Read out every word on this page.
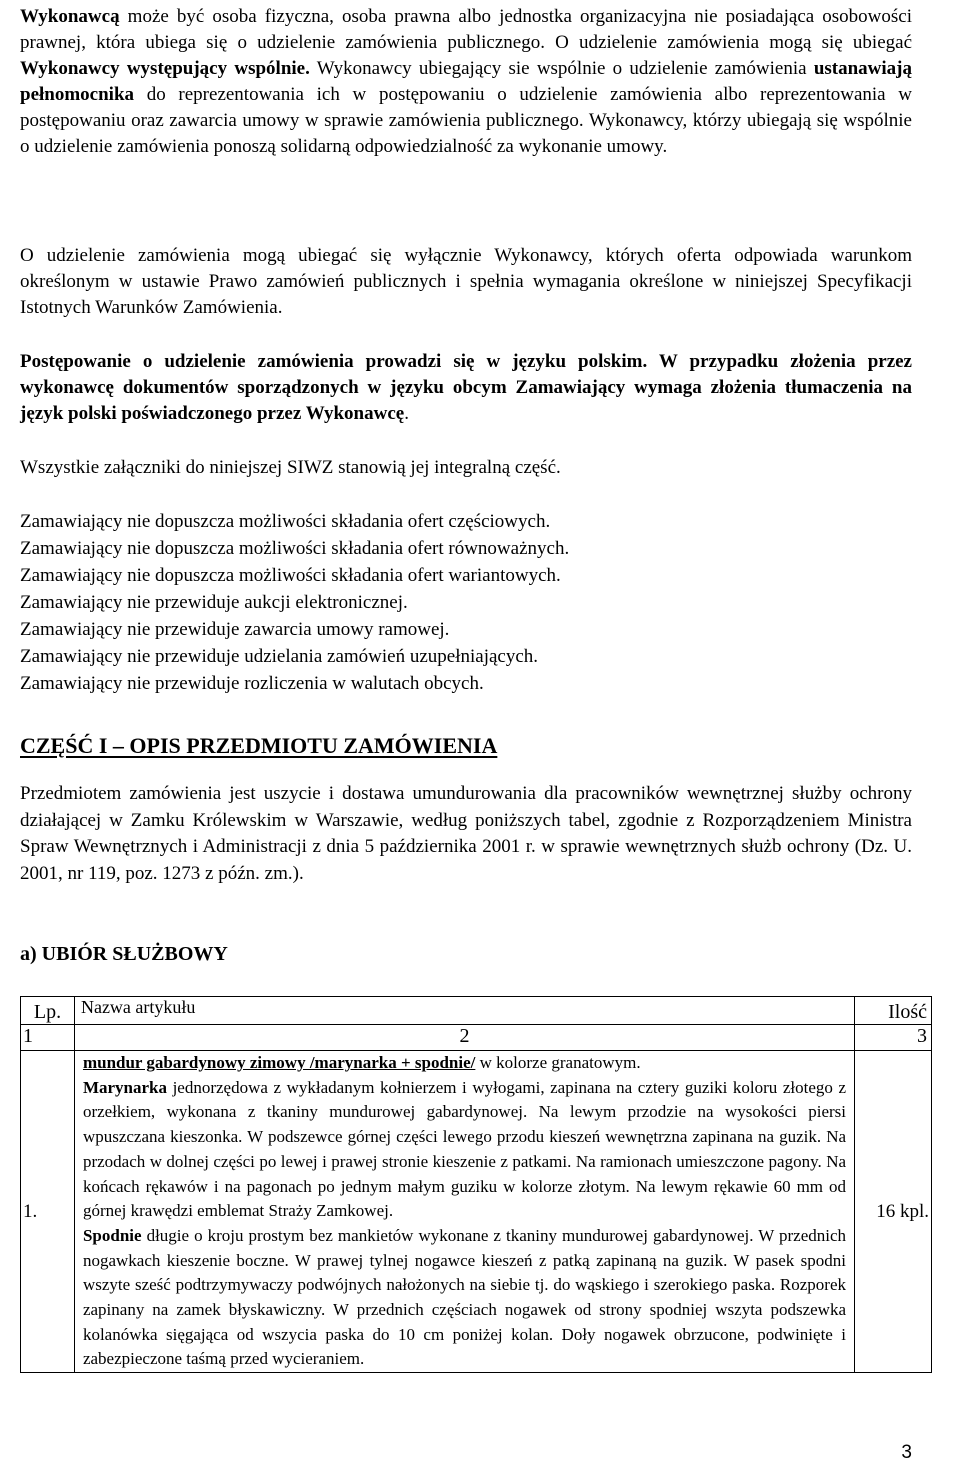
Wykonawcą może być osoba fizyczna, osoba prawna albo jednostka organizacyjna nie posiadająca osobowości prawnej, która ubiega się o udzielenie zamówienia publicznego. O udzielenie zamówienia mogą się ubiegać Wykonawcy występujący wspólnie. Wykonawcy ubiegający sie wspólnie o udzielenie zamówienia ustanawiają pełnomocnika do reprezentowania ich w postępowaniu o udzielenie zamówienia albo reprezentowania w postępowaniu oraz zawarcia umowy w sprawie zamówienia publicznego. Wykonawcy, którzy ubiegają się wspólnie o udzielenie zamówienia ponoszą solidarną odpowiedzialność za wykonanie umowy.

O udzielenie zamówienia mogą ubiegać się wyłącznie Wykonawcy, których oferta odpowiada warunkom określonym w ustawie Prawo zamówień publicznych i spełnia wymagania określone w niniejszej Specyfikacji Istotnych Warunków Zamówienia.

Postępowanie o udzielenie zamówienia prowadzi się w języku polskim. W przypadku złożenia przez wykonawcę dokumentów sporządzonych w języku obcym Zamawiający wymaga złożenia tłumaczenia na język polski poświadczonego przez Wykonawcę.

Wszystkie załączniki do niniejszej SIWZ stanowią jej integralną część.

Zamawiający nie dopuszcza możliwości składania ofert częściowych.
Zamawiający nie dopuszcza możliwości składania ofert równoważnych.
Zamawiający nie dopuszcza możliwości składania ofert wariantowych.
Zamawiający nie przewiduje aukcji elektronicznej.
Zamawiający nie przewiduje zawarcia umowy ramowej.
Zamawiający nie przewiduje udzielania zamówień uzupełniających.
Zamawiający nie przewiduje rozliczenia w walutach obcych.
CZĘŚĆ I – OPIS PRZEDMIOTU ZAMÓWIENIA

Przedmiotem zamówienia jest uszycie i dostawa umundurowania dla pracowników wewnętrznej służby ochrony działającej w Zamku Królewskim w Warszawie, według poniższych tabel, zgodnie z Rozporządzeniem Ministra Spraw Wewnętrznych i Administracji z dnia 5 października 2001 r. w sprawie wewnętrznych służb ochrony (Dz. U. 2001, nr 119, poz. 1273 z późn. zm.).

a) UBIÓR SŁUŻBOWY
Lp.	Nazwa artykułu	Ilość
1	2	3
1.	mundur gabardynowy zimowy /marynarka + spodnie/ w kolorze granatowym.
Marynarka jednorzędowa z wykładanym kołnierzem i wyłogami, zapinana na cztery guziki koloru złotego z orzełkiem, wykonana z tkaniny mundurowej gabardynowej. Na lewym przodzie na wysokości piersi wpuszczana kieszonka. W podszewce górnej części lewego przodu kieszeń wewnętrzna zapinana na guzik. Na przodach w dolnej części po lewej i prawej stronie kieszenie z patkami. Na ramionach umieszczone pagony. Na końcach rękawów i na pagonach po jednym małym guziku w kolorze złotym. Na lewym rękawie 60 mm od górnej krawędzi emblemat Straży Zamkowej.
Spodnie długie o kroju prostym bez mankietów wykonane z tkaniny mundurowej gabardynowej. W przednich nogawkach kieszenie boczne. W prawej tylnej nogawce kieszeń z patką zapinaną na guzik. W pasek spodni wszyte sześć podtrzymywaczy podwójnych nałożonych na siebie tj. do wąskiego i szerokiego paska. Rozporek zapinany na zamek błyskawiczny. W przednich częściach nogawek od strony spodniej wszyta podszewka kolanówka sięgająca od wszycia paska do 10 cm poniżej kolan. Doły nogawek obrzucone, podwinięte i zabezpieczone taśmą przed wycieraniem.	16 kpl.
3
